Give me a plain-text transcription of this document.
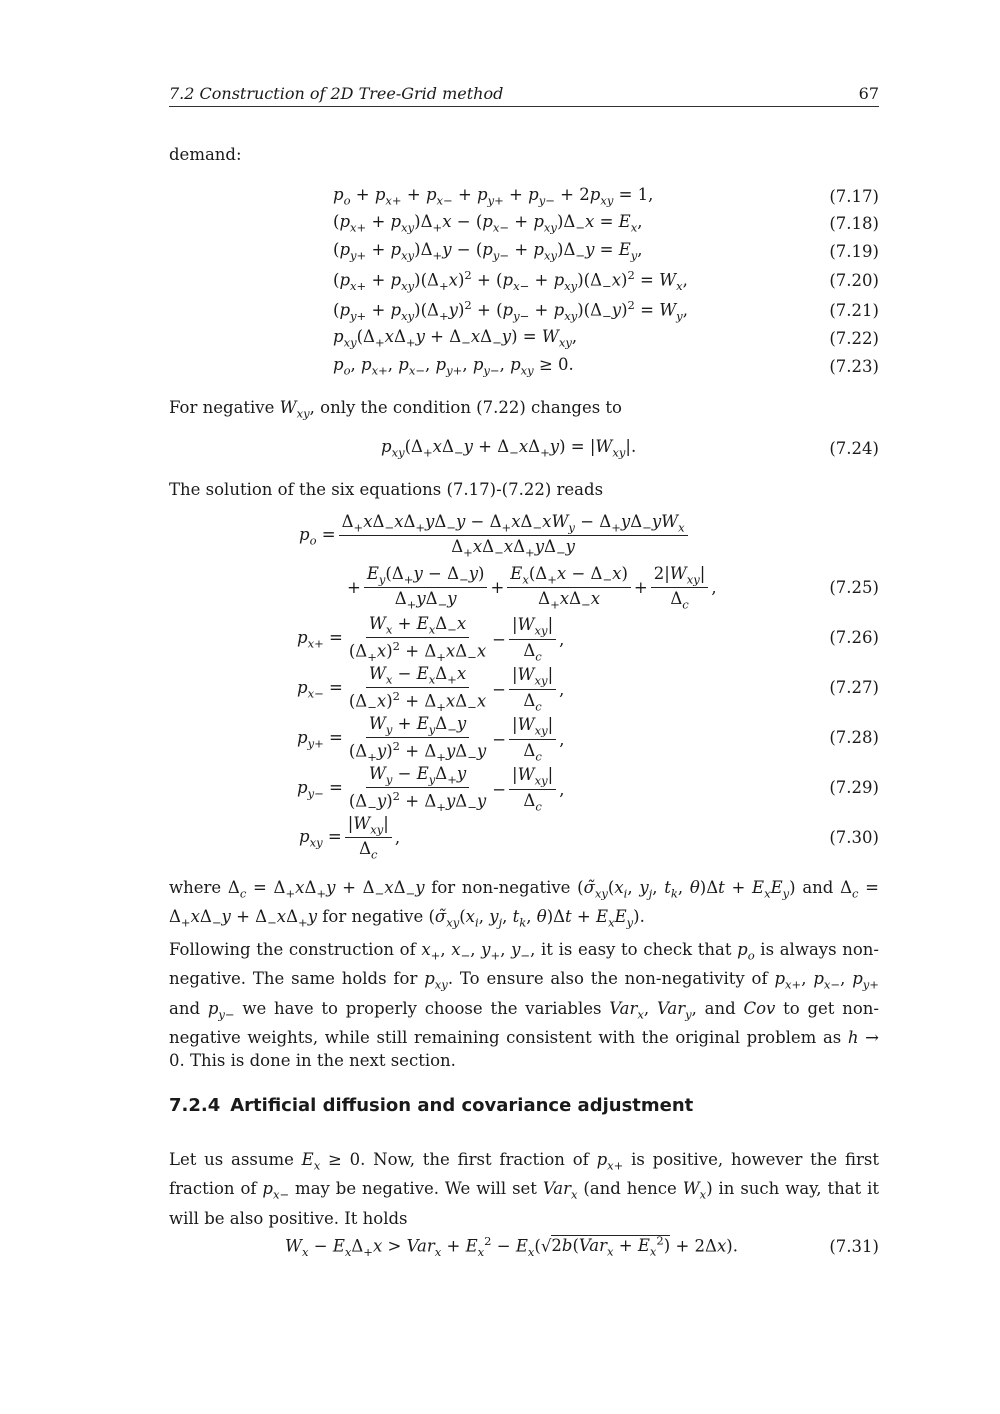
7.2 Construction of 2D Tree-Grid method	67
demand:
$p_o + p_{x+} + p_{x-} + p_{y+} + p_{y-} + 2p_{xy} = 1$,	(7.17)
$(p_{x+} + p_{xy})\Delta_+x - (p_{x-} + p_{xy})\Delta_-x = E_x$,	(7.18)
$(p_{y+} + p_{xy})\Delta_+y - (p_{y-} + p_{xy})\Delta_-y = E_y$,	(7.19)
$(p_{x+} + p_{xy})(\Delta_+x)^2 + (p_{x-} + p_{xy})(\Delta_-x)^2 = W_x$,	(7.20)
$(p_{y+} + p_{xy})(\Delta_+y)^2 + (p_{y-} + p_{xy})(\Delta_-y)^2 = W_y$,	(7.21)
$p_{xy}(\Delta_+x\Delta_+y + \Delta_-x\Delta_-y) = W_{xy}$,	(7.22)
$p_o$, $p_{x+}$, $p_{x-}$, $p_{y+}$, $p_{y-}$, $p_{xy} \ge 0$.	(7.23)
For negative $W_{xy}$, only the condition (7.22) changes to
$p_{xy}(\Delta_+x\Delta_-y + \Delta_-x\Delta_+y) = |W_{xy}|$.	(7.24)
The solution of the six equations (7.17)-(7.22) reads
$p_o = \frac{\Delta_+x\Delta_-x\Delta_+y\Delta_-y - \Delta_+x\Delta_-xW_y - \Delta_+y\Delta_-yW_x}{\Delta_+x\Delta_-x\Delta_+y\Delta_-y}$
+ $\frac{E_y(\Delta_+y - \Delta_-y)}{\Delta_+y\Delta_-y} + \frac{E_x(\Delta_+x - \Delta_-x)}{\Delta_+x\Delta_-x} + \frac{2|W_{xy}|}{\Delta_c}$ ,	(7.25)
$p_{x+} = \frac{W_x + E_x\Delta_-x}{(\Delta_+x)^2 + \Delta_+x\Delta_-x} - \frac{|W_{xy}|}{\Delta_c}$ ,	(7.26)
$p_{x-} = \frac{W_x - E_x\Delta_+x}{(\Delta_-x)^2 + \Delta_+x\Delta_-x} - \frac{|W_{xy}|}{\Delta_c}$ ,	(7.27)
$p_{y+} = \frac{W_y + E_y\Delta_-y}{(\Delta_+y)^2 + \Delta_+y\Delta_-y} - \frac{|W_{xy}|}{\Delta_c}$ ,	(7.28)
$p_{y-} = \frac{W_y - E_y\Delta_+y}{(\Delta_-y)^2 + \Delta_+y\Delta_-y} - \frac{|W_{xy}|}{\Delta_c}$ ,	(7.29)
$p_{xy} = \frac{|W_{xy}|}{\Delta_c}$ ,	(7.30)
where $\Delta_c = \Delta_+x\Delta_+y + \Delta_-x\Delta_-y$ for non-negative ($\sigmã_{xy}(x_i$, $y_j$, $t_k$, $\theta)\Delta t + E_xE_y$) and $\Delta_c = \Delta_+x\Delta_-y + \Delta_-x\Delta_+y$ for negative ($\sigmã_{xy}(x_i$, $y_j$, $t_k$, $\theta)\Delta t + E_xE_y$).
Following the construction of $x_+$, $x_-$, $y_+$, $y_-$, it is easy to check that $p_o$ is always non-negative. The same holds for $p_{xy}$. To ensure also the non-negativity of $p_{x+}$, $p_{x-}$, $p_{y+}$ and $p_{y-}$ we have to properly choose the variables Var$_x$, Var$_y$, and Cov to get non-negative weights, while still remaining consistent with the original problem as h → 0. This is done in the next section.
7.2.4 Artificial diffusion and covariance adjustment
Let us assume $E_x \ge 0$. Now, the first fraction of $p_{x+}$ is positive, however the first fraction of $p_{x-}$ may be negative. We will set Var$_x$ (and hence $W_x$) in such way, that it will be also positive. It holds
$W_x - E_x\Delta_+x > Var_x + E_x^2 - E_x(√2b(Var_x + E_x^2) + 2\Delta x)$.	(7.31)
